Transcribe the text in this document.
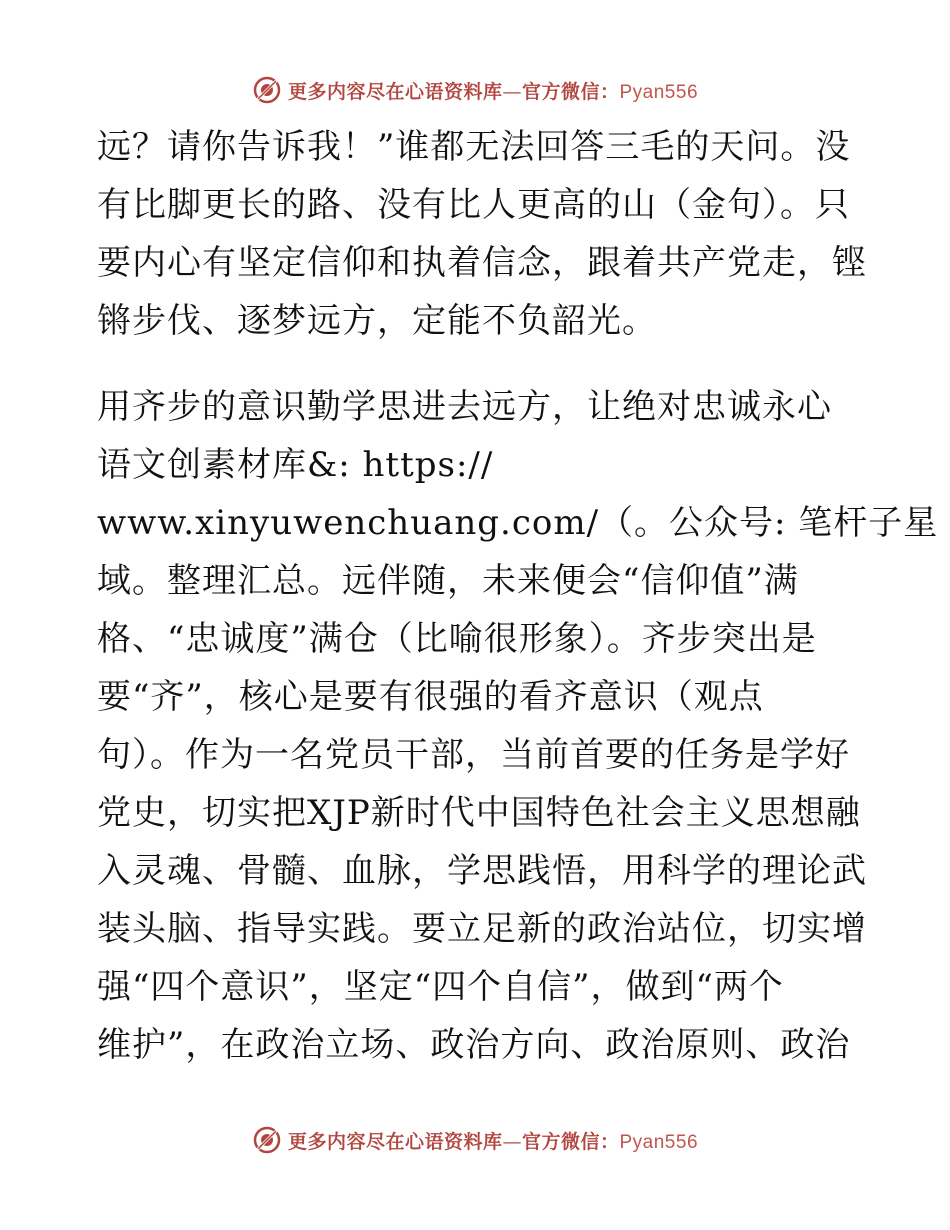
更多内容尽在心语资料库—官方微信：Pyan556
远？请你告诉我！”谁都无法回答三毛的天问。没
有比脚更长的路、没有比人更高的山（金句）。只
要内心有坚定信仰和执着信念，跟着共产党走，铿
锵步伐、逐梦远方，定能不负韶光。
用齐步的意识勤学思进去远方，让绝对忠诚永心
语文创素材库&: https://
www.xinyuwenchuang.com/（。公众号: 笔杆子星
域。整理汇总。远伴随，未来便会“信仰值”满
格、“忠诚度”满仓（比喻很形象）。齐步突出是
要“齐”，核心是要有很强的看齐意识（观点
句）。作为一名党员干部，当前首要的任务是学好
党史，切实把XJP新时代中国特色社会主义思想融
入灵魂、骨髓、血脉，学思践悟，用科学的理论武
装头脑、指导实践。要立足新的政治站位，切实增
强“四个意识”，坚定“四个自信”，做到“两个
维护”，在政治立场、政治方向、政治原则、政治
更多内容尽在心语资料库—官方微信：Pyan556
